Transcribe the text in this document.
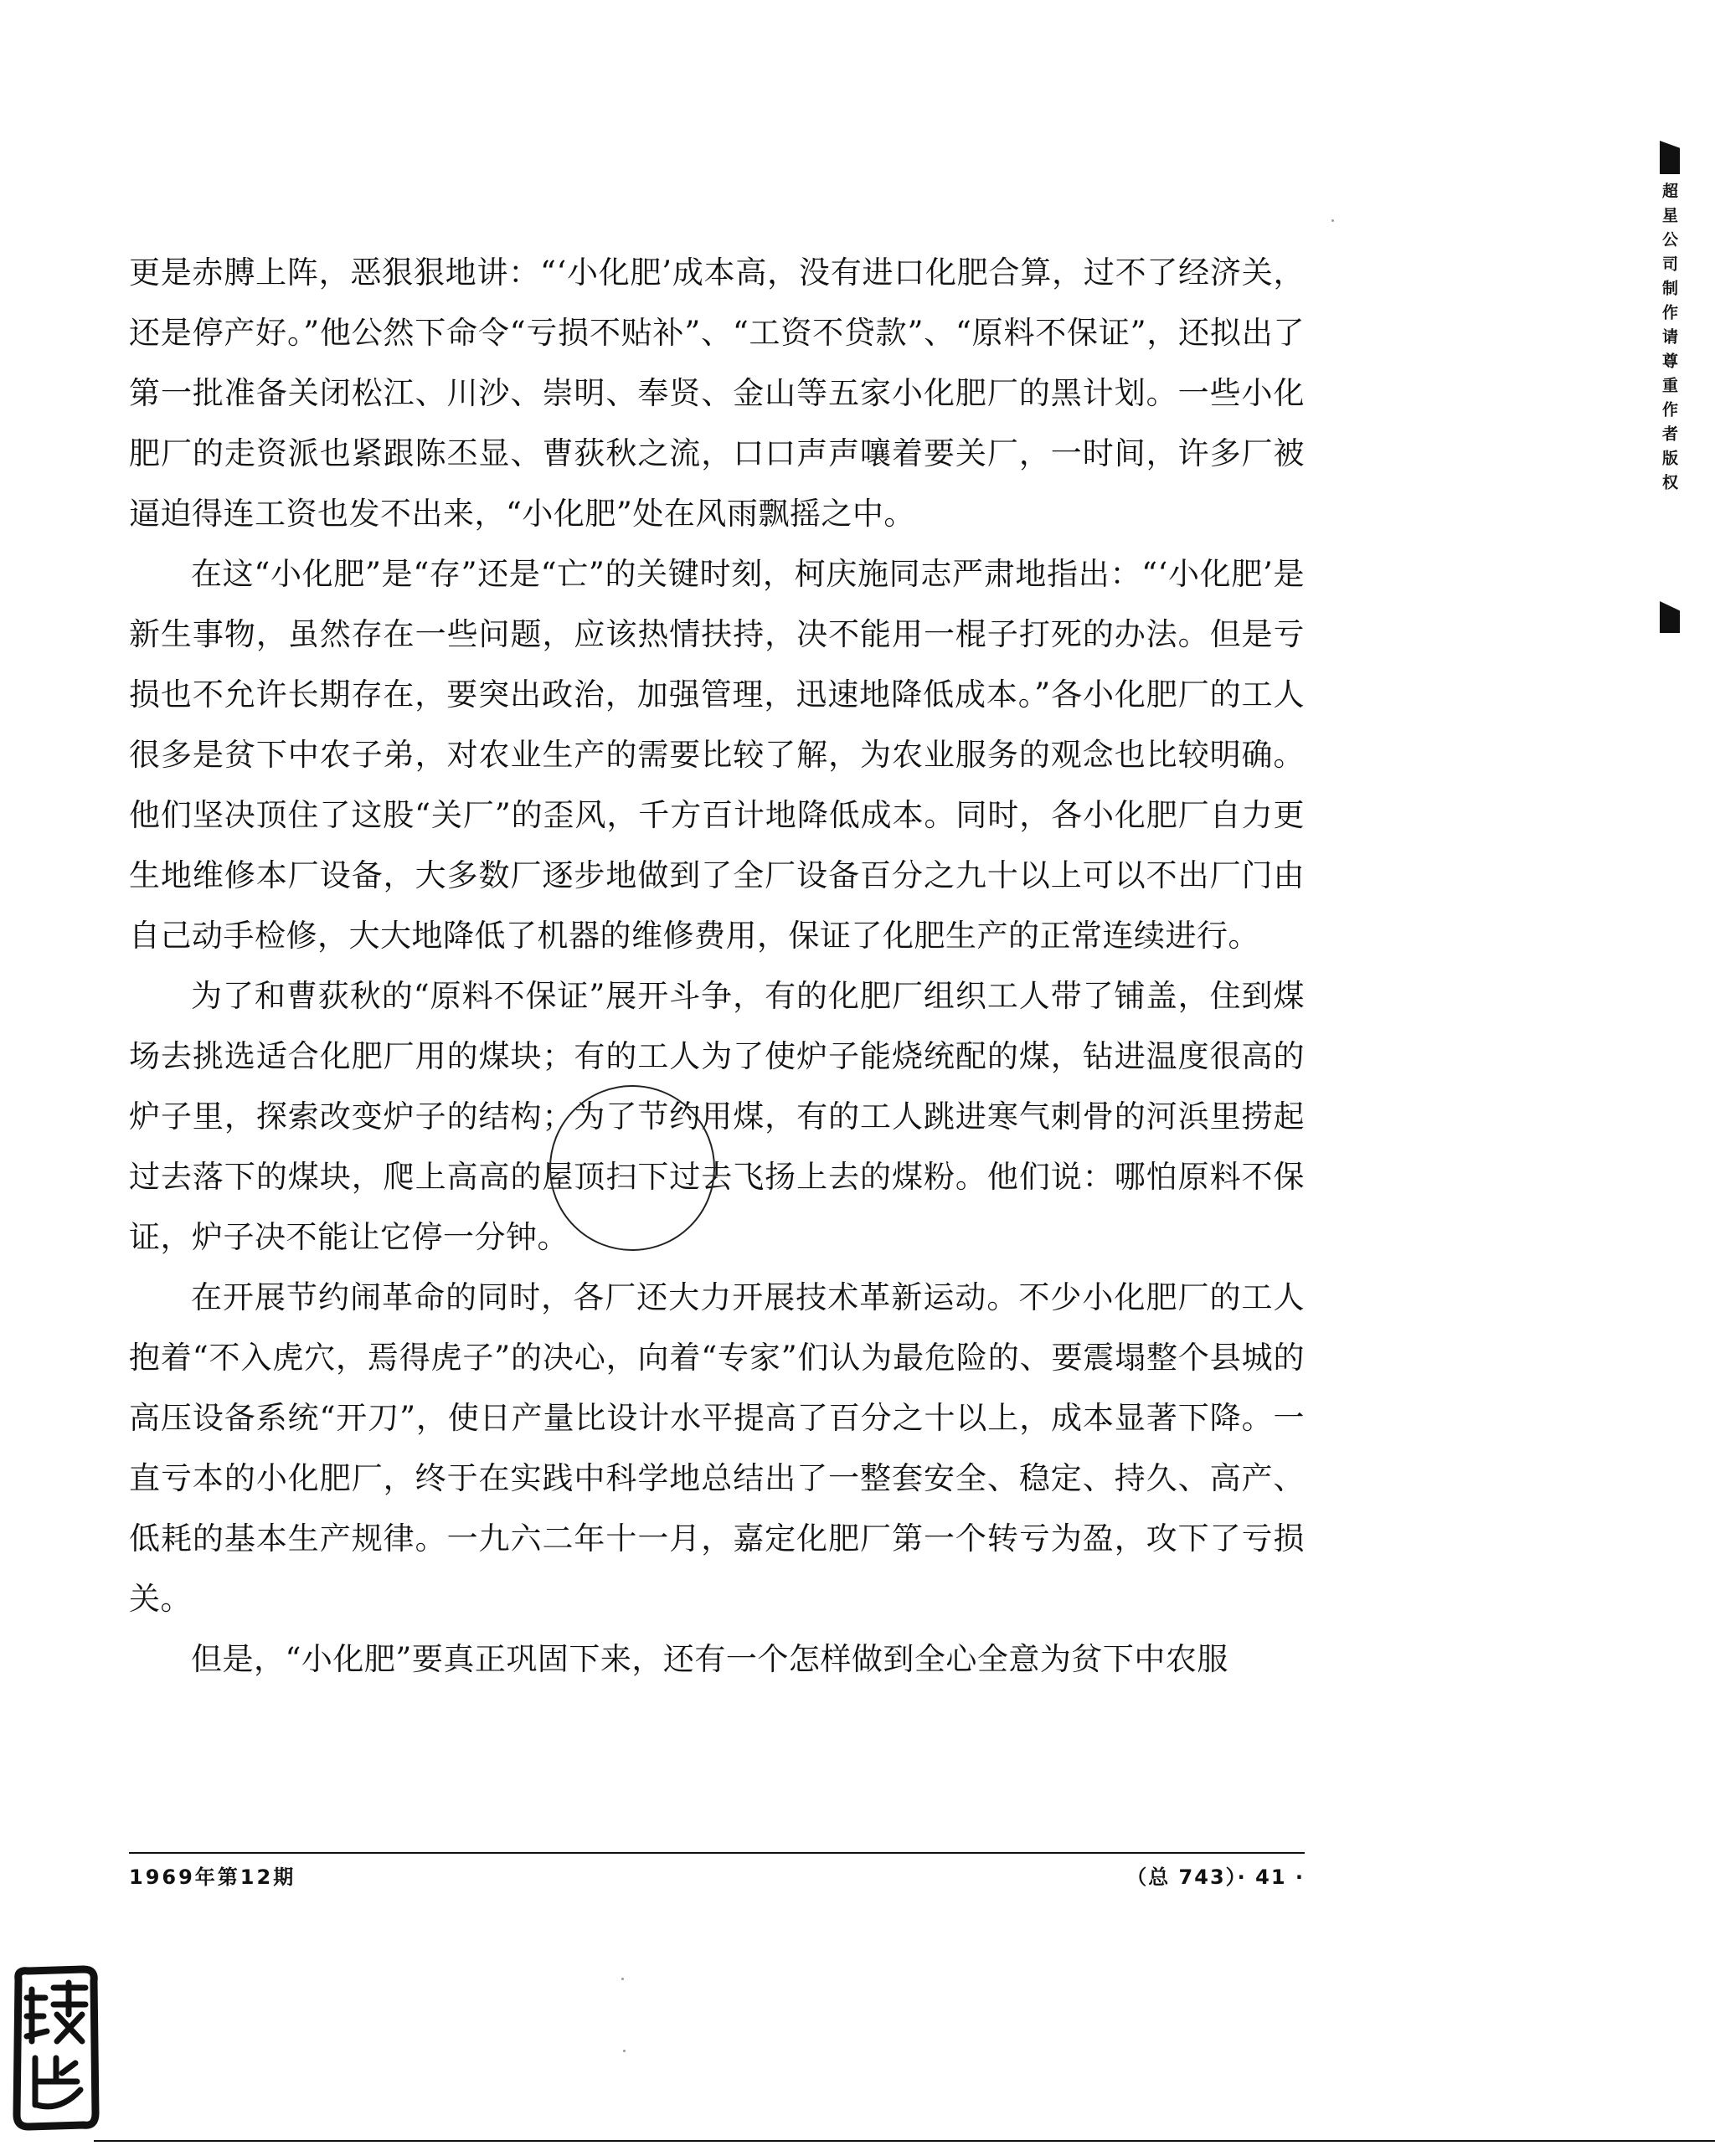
超星公司制作请尊重作者版权

更是赤膊上阵，恶狠狠地讲：“‘小化肥’成本高，没有进口化肥合算，过不了经济关，还是停产好。”他公然下命令“亏损不贴补”、“工资不贷款”、“原料不保证”，还拟出了第一批准备关闭松江、川沙、崇明、奉贤、金山等五家小化肥厂的黑计划。一些小化肥厂的走资派也紧跟陈丕显、曹荻秋之流，口口声声嚷着要关厂，一时间，许多厂被逼迫得连工资也发不出来，“小化肥”处在风雨飘摇之中。

在这“小化肥”是“存”还是“亡”的关键时刻，柯庆施同志严肃地指出：“‘小化肥’是新生事物，虽然存在一些问题，应该热情扶持，决不能用一棍子打死的办法。但是亏损也不允许长期存在，要突出政治，加强管理，迅速地降低成本。”各小化肥厂的工人很多是贫下中农子弟，对农业生产的需要比较了解，为农业服务的观念也比较明确。他们坚决顶住了这股“关厂”的歪风，千方百计地降低成本。同时，各小化肥厂自力更生地维修本厂设备，大多数厂逐步地做到了全厂设备百分之九十以上可以不出厂门由自己动手检修，大大地降低了机器的维修费用，保证了化肥生产的正常连续进行。

为了和曹荻秋的“原料不保证”展开斗争，有的化肥厂组织工人带了铺盖，住到煤场去挑选适合化肥厂用的煤块；有的工人为了使炉子能烧统配的煤，钻进温度很高的炉子里，探索改变炉子的结构；为了节约用煤，有的工人跳进寒气刺骨的河浜里捞起过去落下的煤块，爬上高高的屋顶扫下过去飞扬上去的煤粉。他们说：哪怕原料不保证，炉子决不能让它停一分钟。

在开展节约闹革命的同时，各厂还大力开展技术革新运动。不少小化肥厂的工人抱着“不入虎穴，焉得虎子”的决心，向着“专家”们认为最危险的、要震塌整个县城的高压设备系统“开刀”，使日产量比设计水平提高了百分之十以上，成本显著下降。一直亏本的小化肥厂，终于在实践中科学地总结出了一整套安全、稳定、持久、高产、低耗的基本生产规律。一九六二年十一月，嘉定化肥厂第一个转亏为盈，攻下了亏损关。

但是，“小化肥”要真正巩固下来，还有一个怎样做到全心全意为贫下中农服

1969年第12期	（总 743）· 41 ·
